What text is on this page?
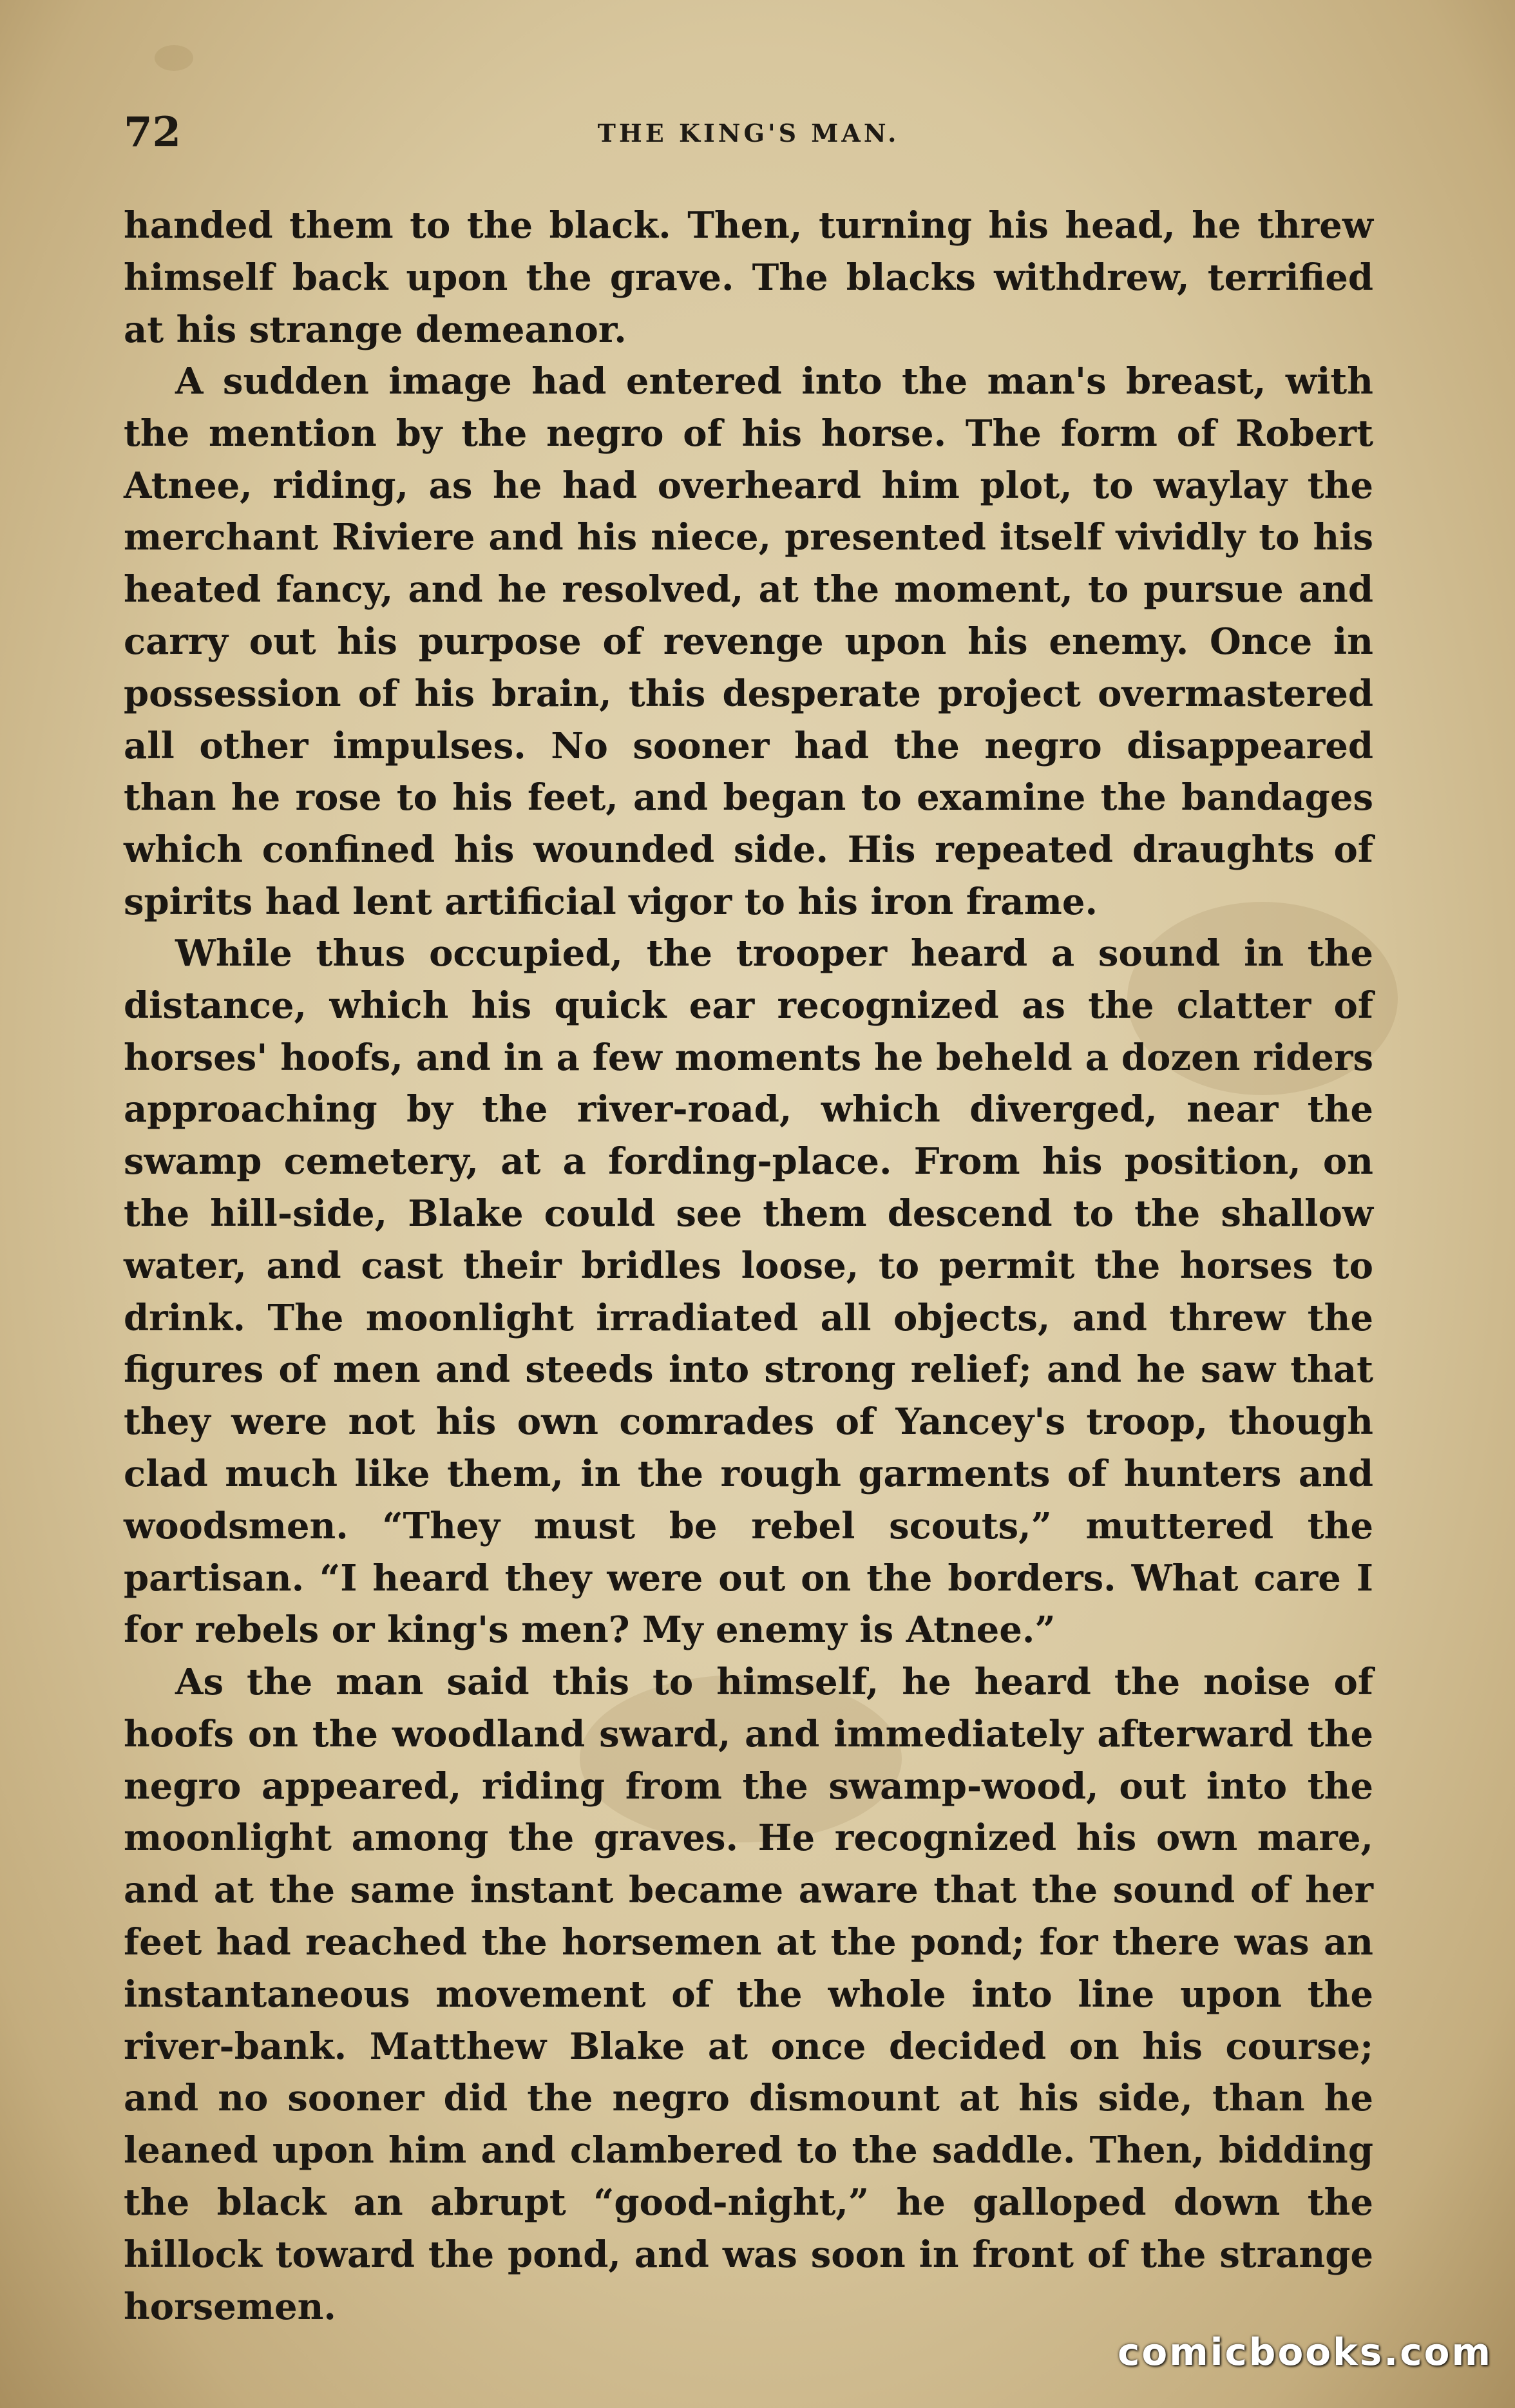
72	THE KING'S MAN.

handed them to the black. Then, turning his head, he threw himself back upon the grave. The blacks withdrew, terrified at his strange demeanor.

A sudden image had entered into the man's breast, with the mention by the negro of his horse. The form of Robert Atnee, riding, as he had overheard him plot, to waylay the merchant Riviere and his niece, presented itself vividly to his heated fancy, and he resolved, at the moment, to pursue and carry out his purpose of revenge upon his enemy. Once in possession of his brain, this desperate project overmastered all other impulses. No sooner had the negro disappeared than he rose to his feet, and began to examine the bandages which confined his wounded side. His repeated draughts of spirits had lent artificial vigor to his iron frame.

While thus occupied, the trooper heard a sound in the distance, which his quick ear recognized as the clatter of horses' hoofs, and in a few moments he beheld a dozen riders approaching by the river-road, which diverged, near the swamp cemetery, at a fording-place. From his position, on the hill-side, Blake could see them descend to the shallow water, and cast their bridles loose, to permit the horses to drink. The moonlight irradiated all objects, and threw the figures of men and steeds into strong relief; and he saw that they were not his own comrades of Yancey's troop, though clad much like them, in the rough garments of hunters and woodsmen. “They must be rebel scouts,” muttered the partisan. “I heard they were out on the borders. What care I for rebels or king's men? My enemy is Atnee.”

As the man said this to himself, he heard the noise of hoofs on the woodland sward, and immediately afterward the negro appeared, riding from the swamp-wood, out into the moonlight among the graves. He recognized his own mare, and at the same instant became aware that the sound of her feet had reached the horsemen at the pond; for there was an instantaneous movement of the whole into line upon the river-bank. Matthew Blake at once decided on his course; and no sooner did the negro dismount at his side, than he leaned upon him and clambered to the saddle. Then, bidding the black an abrupt “good-night,” he galloped down the hillock toward the pond, and was soon in front of the strange horsemen.

comicbooks.com
